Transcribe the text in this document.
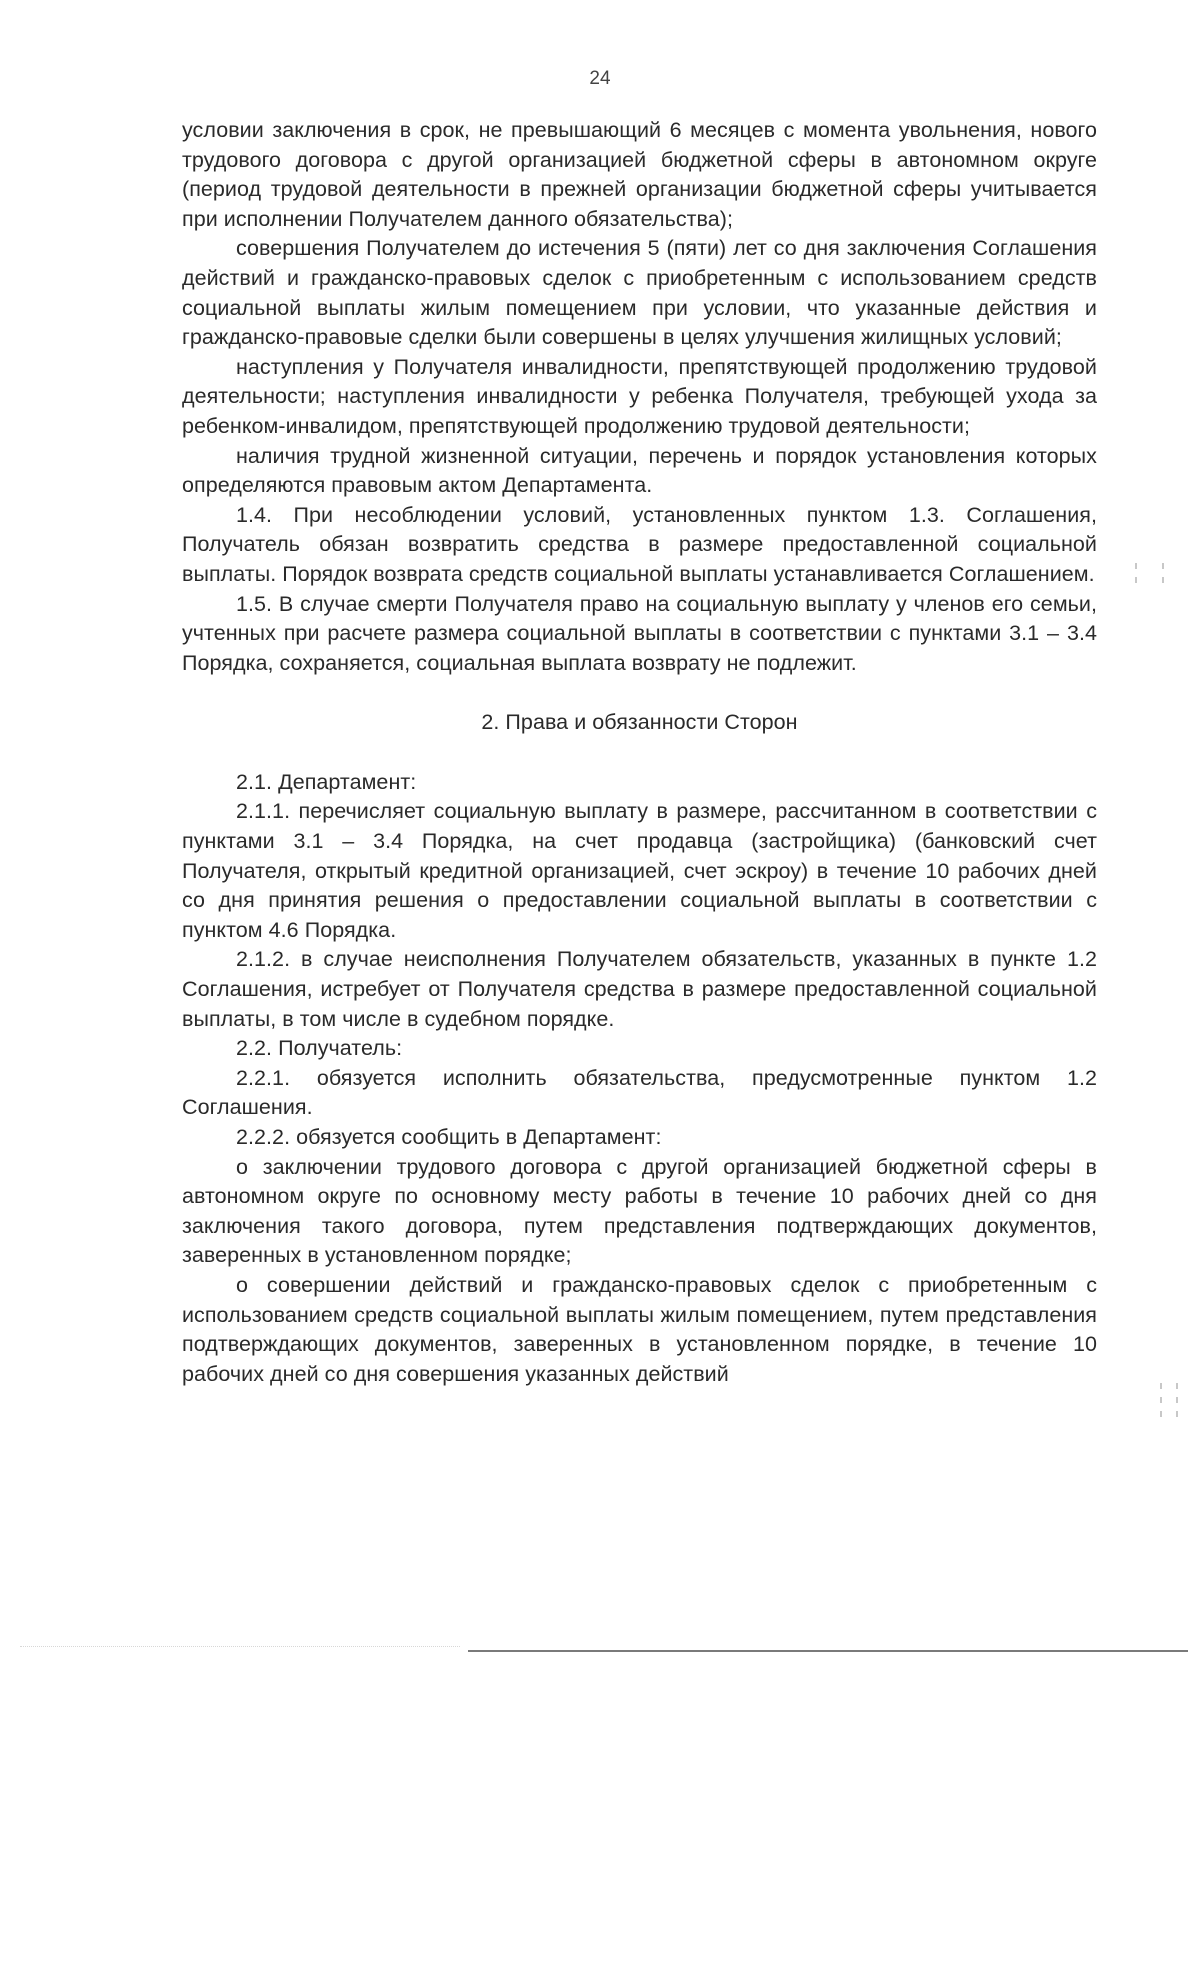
24

условии заключения в срок, не превышающий 6 месяцев с момента увольнения, нового трудового договора с другой организацией бюджетной сферы в автономном округе (период трудовой деятельности в прежней организации бюджетной сферы учитывается при исполнении Получателем данного обязательства);

совершения Получателем до истечения 5 (пяти) лет со дня заключения Соглашения действий и гражданско-правовых сделок с приобретенным с использованием средств социальной выплаты жилым помещением при условии, что указанные действия и гражданско-правовые сделки были совершены в целях улучшения жилищных условий;

наступления у Получателя инвалидности, препятствующей продолжению трудовой деятельности; наступления инвалидности у ребенка Получателя, требующей ухода за ребенком-инвалидом, препятствующей продолжению трудовой деятельности;

наличия трудной жизненной ситуации, перечень и порядок установления которых определяются правовым актом Департамента.

1.4. При несоблюдении условий, установленных пунктом 1.3. Соглашения, Получатель обязан возвратить средства в размере предоставленной социальной выплаты. Порядок возврата средств социальной выплаты устанавливается Соглашением.

1.5. В случае смерти Получателя право на социальную выплату у членов его семьи, учтенных при расчете размера социальной выплаты в соответствии с пунктами 3.1 – 3.4 Порядка, сохраняется, социальная выплата возврату не подлежит.

2. Права и обязанности Сторон

2.1. Департамент:

2.1.1. перечисляет социальную выплату в размере, рассчитанном в соответствии с пунктами 3.1 – 3.4 Порядка, на счет продавца (застройщика) (банковский счет Получателя, открытый кредитной организацией, счет эскроу) в течение 10 рабочих дней со дня принятия решения о предоставлении социальной выплаты в соответствии с пунктом 4.6 Порядка.

2.1.2. в случае неисполнения Получателем обязательств, указанных в пункте 1.2 Соглашения, истребует от Получателя средства в размере предоставленной социальной выплаты, в том числе в судебном порядке.

2.2. Получатель:

2.2.1. обязуется исполнить обязательства, предусмотренные пунктом 1.2 Соглашения.

2.2.2. обязуется сообщить в Департамент:

о заключении трудового договора с другой организацией бюджетной сферы в автономном округе по основному месту работы в течение 10 рабочих дней со дня заключения такого договора, путем представления подтверждающих документов, заверенных в установленном порядке;

о совершении действий и гражданско-правовых сделок с приобретенным с использованием средств социальной выплаты жилым помещением, путем представления подтверждающих документов, заверенных в установленном порядке, в течение 10 рабочих дней со дня совершения указанных действий
